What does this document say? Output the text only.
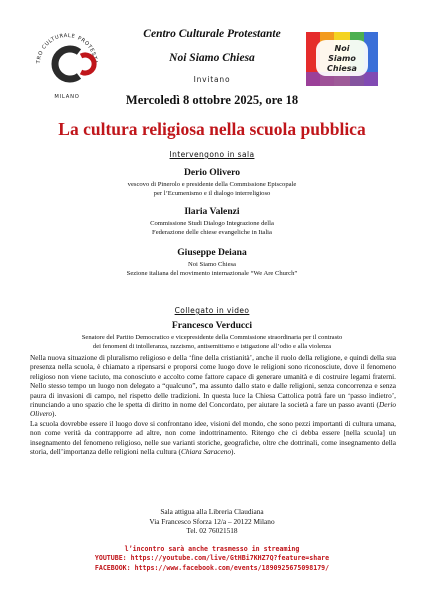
TRO CULTURALE PROTESTA
MILANO
Noi
Siamo
Chiesa
Centro Culturale Protestante
Noi Siamo Chiesa
Invitano
Mercoledì 8 ottobre 2025, ore 18
La cultura religiosa nella scuola pubblica
Intervengono in sala
Derio Olivero
vescovo di Pinerolo e presidente della Commissione Episcopale
per l’Ecumenismo e il dialogo interreligioso
Ilaria Valenzi
Commissione Studi Dialogo Integrazione della
Federazione delle chiese evangeliche in Italia
Giuseppe Deiana
Noi Siamo Chiesa
Sezione italiana del movimento internazionale “We Are Church”
Collegato in video
Francesco Verducci
Senatore del Partito Democratico e vicepresidente della Commissione straordinaria per il contrasto
dei fenomeni di intolleranza, razzismo, antisemitismo e istigazione all’odio e alla violenza

Nella nuova situazione di pluralismo religioso e della ‘fine della cristianità’, anche il ruolo della religione, e quindi della sua presenza nella scuola, è chiamato a ripensarsi e proporsi come luogo dove le religioni sono riconosciute, dove il fenomeno religioso non viene taciuto, ma conosciuto e accolto come fattore capace di generare umanità e di costruire legami fraterni. Nello stesso tempo un luogo non delegato a “qualcuno”, ma assunto dallo stato e dalle religioni, senza concorrenza e senza paura di invasioni di campo, nel rispetto delle tradizioni. In questa luce la Chiesa Cattolica potrà fare un ‘passo indietro’, rinunciando a uno spazio che le spetta di diritto in nome del Concordato, per aiutare la società a fare un passo avanti (Derio Olivero).

La scuola dovrebbe essere il luogo dove si confrontano idee, visioni del mondo, che sono pezzi importanti di cultura umana, non come verità da contrapporre ad altre, non come indottrinamento. Ritengo che ci debba essere [nella scuola] un insegnamento del fenomeno religioso, nelle sue varianti storiche, geografiche, oltre che dottrinali, come insegnamento della storia, dell’importanza delle religioni nella cultura (Chiara Saraceno).

Sala attigua alla Libreria Claudiana
Via Francesco Sforza 12/a – 20122 Milano
Tel. 02 76021518
l’incontro sarà anche trasmesso in streaming
YOUTUBE: https://youtube.com/live/GtHBi7KHZ7Q?feature=share
FACEBOOK: https://www.facebook.com/events/1890925675098179/
